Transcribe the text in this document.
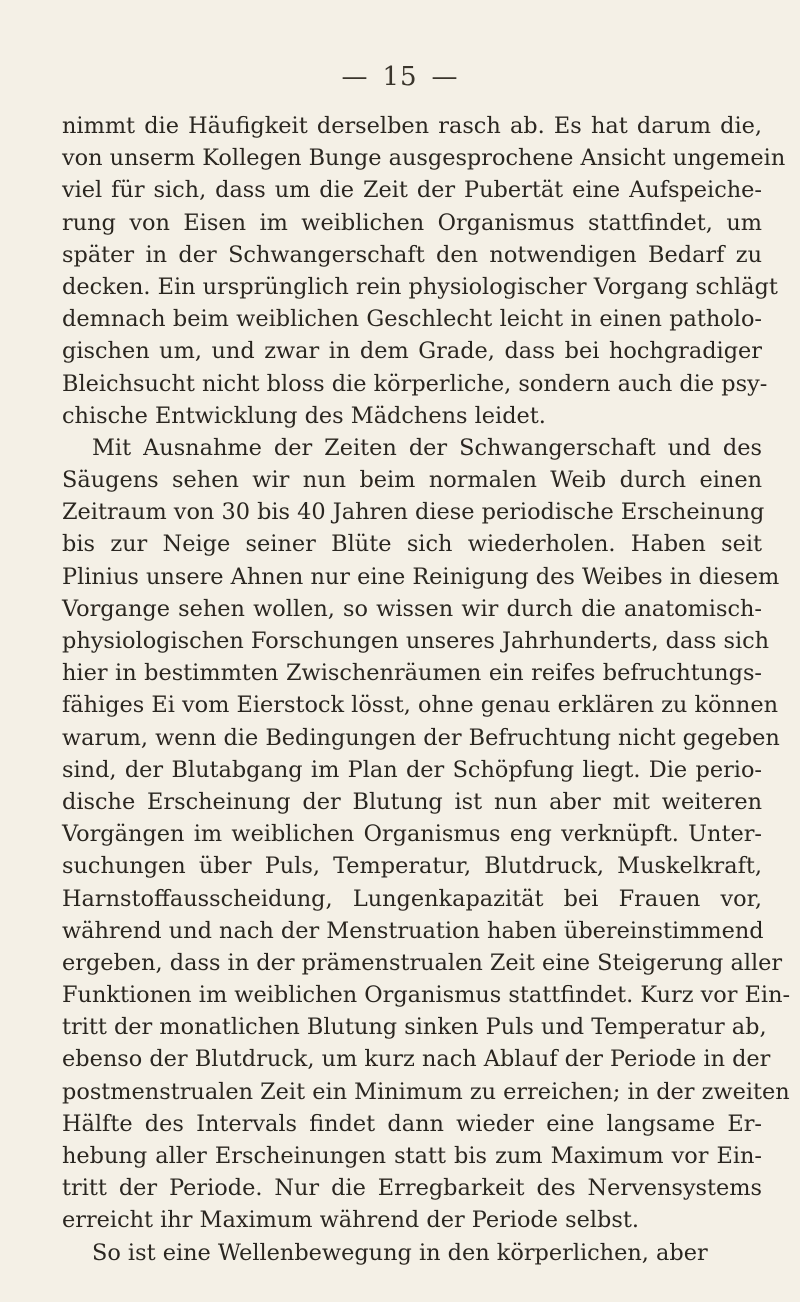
— 15 —
nimmt die Häufigkeit derselben rasch ab. Es hat darum die,
von unserm Kollegen Bunge ausgesprochene Ansicht ungemein
viel für sich, dass um die Zeit der Pubertät eine Aufspeiche-
rung von Eisen im weiblichen Organismus stattfindet, um
später in der Schwangerschaft den notwendigen Bedarf zu
decken. Ein ursprünglich rein physiologischer Vorgang schlägt
demnach beim weiblichen Geschlecht leicht in einen patholo-
gischen um, und zwar in dem Grade, dass bei hochgradiger
Bleichsucht nicht bloss die körperliche, sondern auch die psy-
chische Entwicklung des Mädchens leidet.
Mit Ausnahme der Zeiten der Schwangerschaft und des
Säugens sehen wir nun beim normalen Weib durch einen
Zeitraum von 30 bis 40 Jahren diese periodische Erscheinung
bis zur Neige seiner Blüte sich wiederholen. Haben seit
Plinius unsere Ahnen nur eine Reinigung des Weibes in diesem
Vorgange sehen wollen, so wissen wir durch die anatomisch-
physiologischen Forschungen unseres Jahrhunderts, dass sich
hier in bestimmten Zwischenräumen ein reifes befruchtungs-
fähiges Ei vom Eierstock lösst, ohne genau erklären zu können
warum, wenn die Bedingungen der Befruchtung nicht gegeben
sind, der Blutabgang im Plan der Schöpfung liegt. Die perio-
dische Erscheinung der Blutung ist nun aber mit weiteren
Vorgängen im weiblichen Organismus eng verknüpft. Unter-
suchungen über Puls, Temperatur, Blutdruck, Muskelkraft,
Harnstoffausscheidung, Lungenkapazität bei Frauen vor,
während und nach der Menstruation haben übereinstimmend
ergeben, dass in der prämenstrualen Zeit eine Steigerung aller
Funktionen im weiblichen Organismus stattfindet. Kurz vor Ein-
tritt der monatlichen Blutung sinken Puls und Temperatur ab,
ebenso der Blutdruck, um kurz nach Ablauf der Periode in der
postmenstrualen Zeit ein Minimum zu erreichen; in der zweiten
Hälfte des Intervals findet dann wieder eine langsame Er-
hebung aller Erscheinungen statt bis zum Maximum vor Ein-
tritt der Periode. Nur die Erregbarkeit des Nervensystems
erreicht ihr Maximum während der Periode selbst.
So ist eine Wellenbewegung in den körperlichen, aber
